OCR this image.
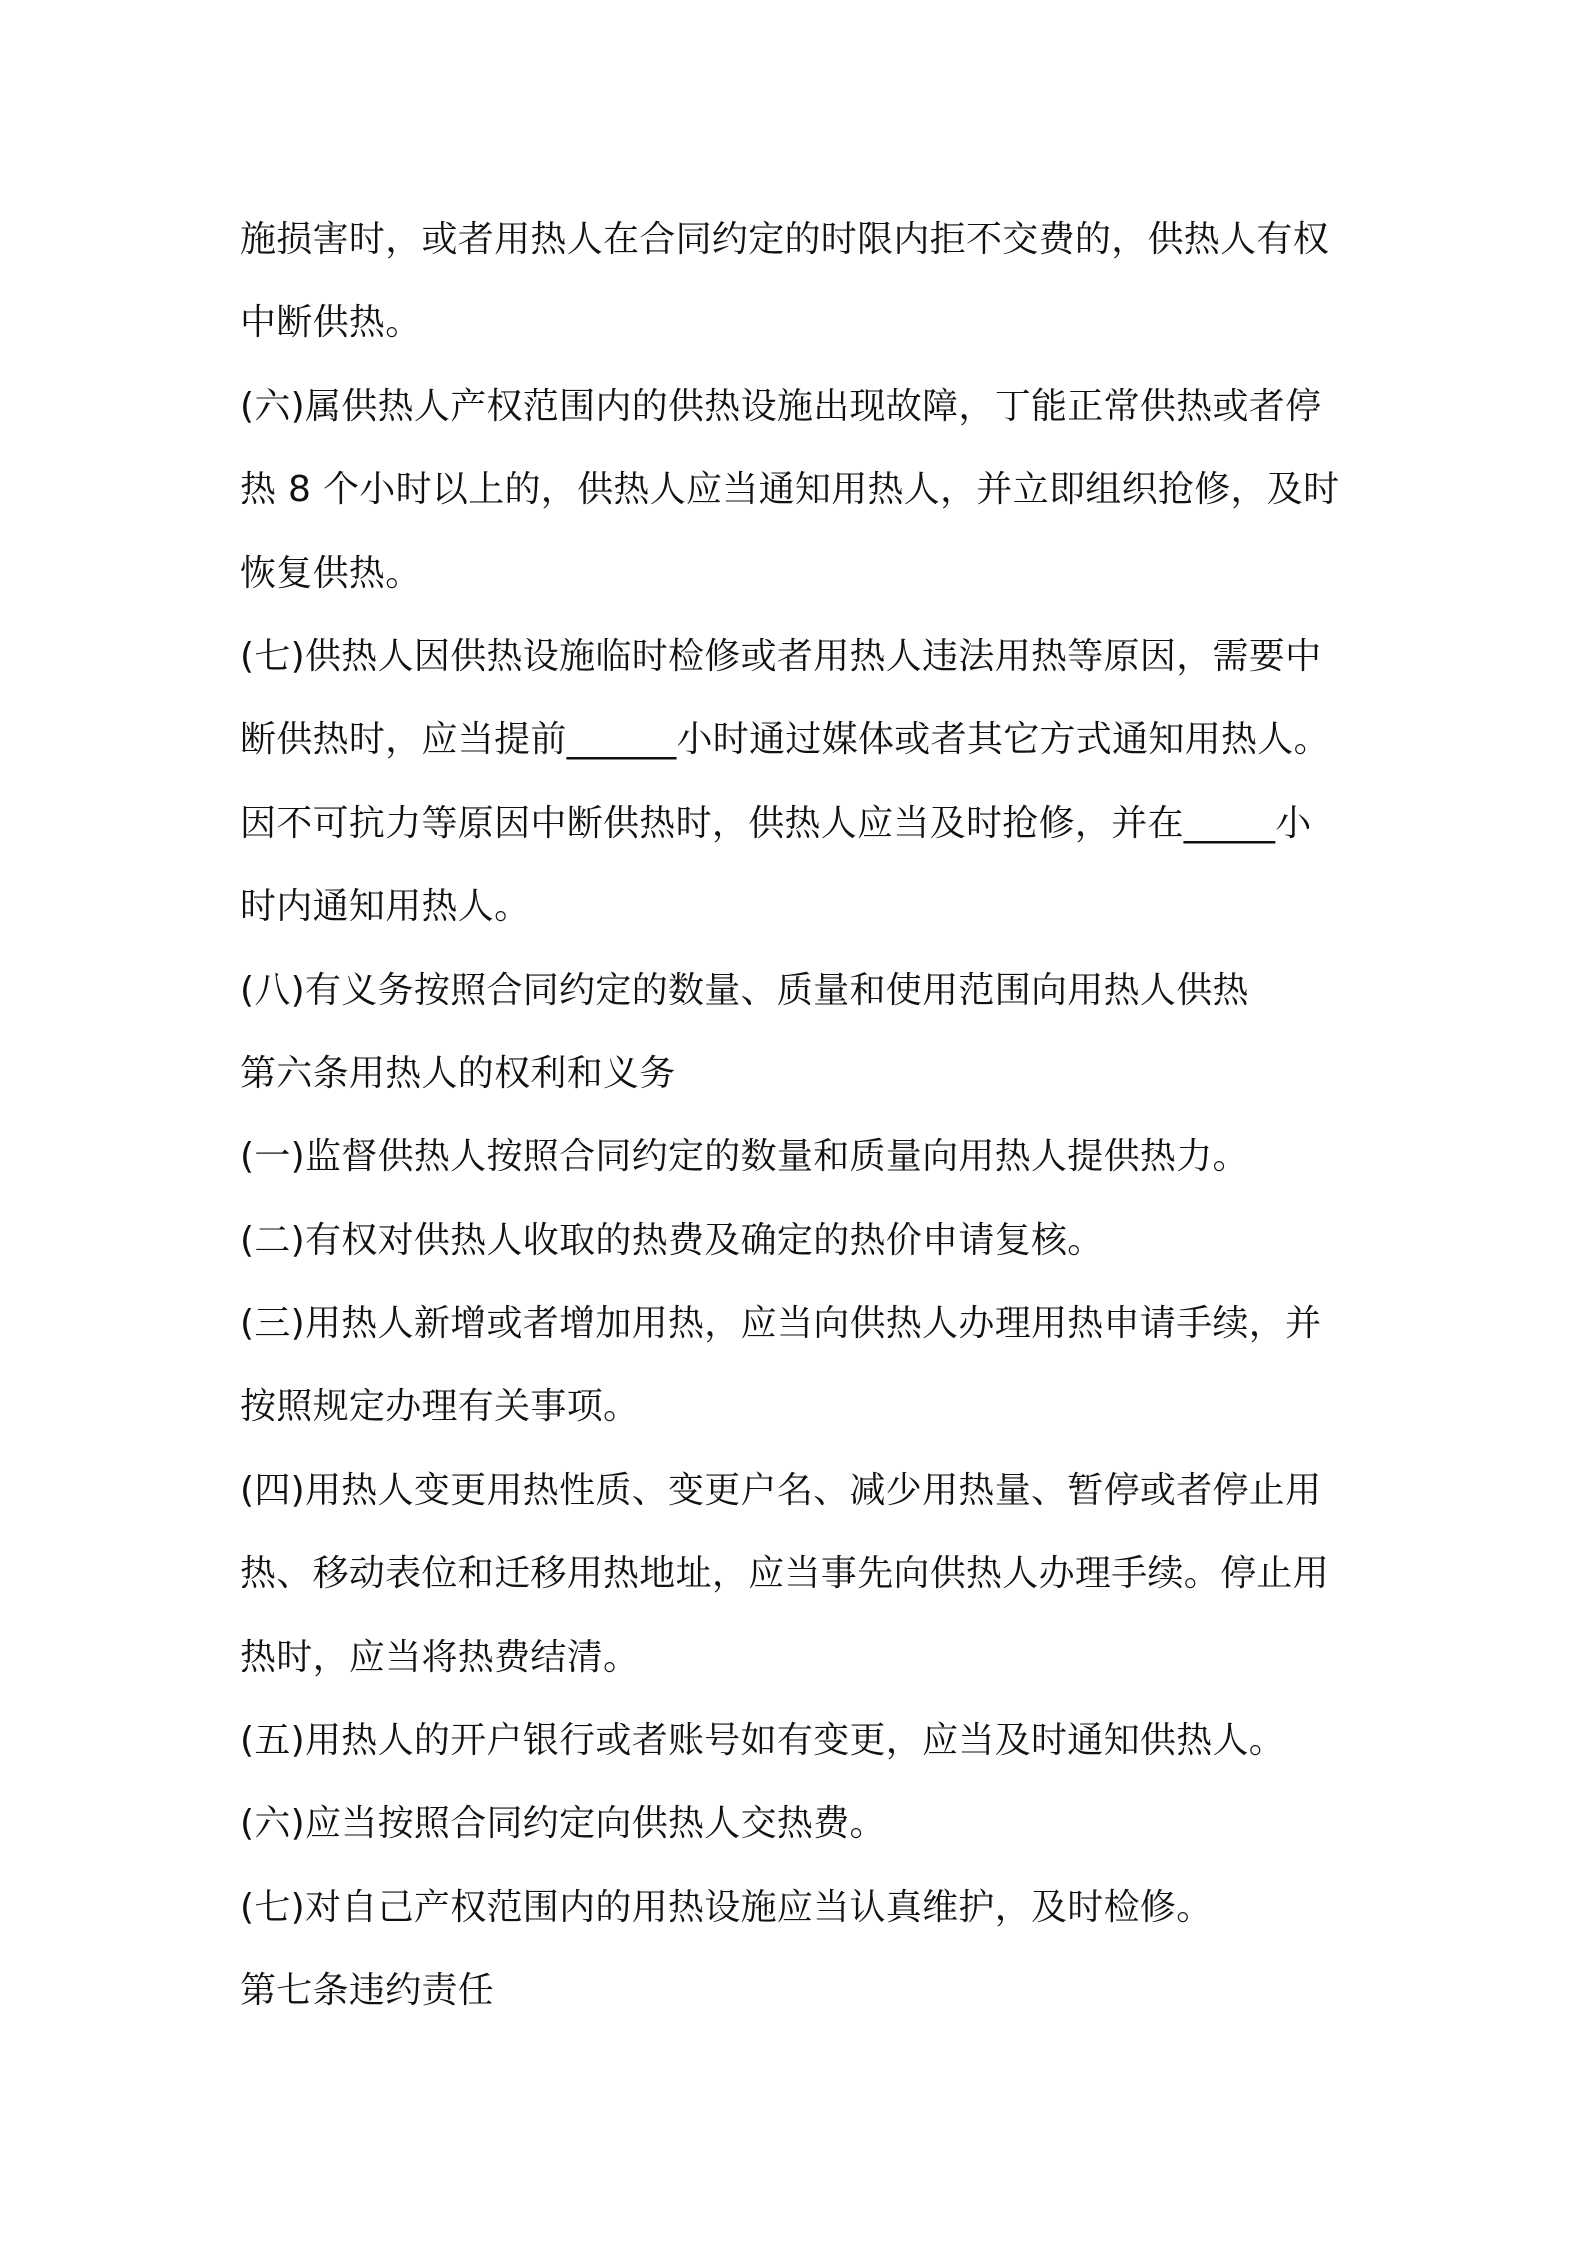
施损害时，或者用热人在合同约定的时限内拒不交费的，供热人有权
中断供热。
(六)属供热人产权范围内的供热设施出现故障，丁能正常供热或者停
热 8 个小时以上的，供热人应当通知用热人，并立即组织抢修，及时
恢复供热。
(七)供热人因供热设施临时检修或者用热人违法用热等原因，需要中
断供热时，应当提前______小时通过媒体或者其它方式通知用热人。
因不可抗力等原因中断供热时，供热人应当及时抢修，并在_____小
时内通知用热人。
(八)有义务按照合同约定的数量、质量和使用范围向用热人供热
第六条用热人的权利和义务
(一)监督供热人按照合同约定的数量和质量向用热人提供热力。
(二)有权对供热人收取的热费及确定的热价申请复核。
(三)用热人新增或者增加用热，应当向供热人办理用热申请手续，并
按照规定办理有关事项。
(四)用热人变更用热性质、变更户名、减少用热量、暂停或者停止用
热、移动表位和迁移用热地址，应当事先向供热人办理手续。停止用
热时，应当将热费结清。
(五)用热人的开户银行或者账号如有变更，应当及时通知供热人。
(六)应当按照合同约定向供热人交热费。
(七)对自己产权范围内的用热设施应当认真维护，及时检修。
第七条违约责任
